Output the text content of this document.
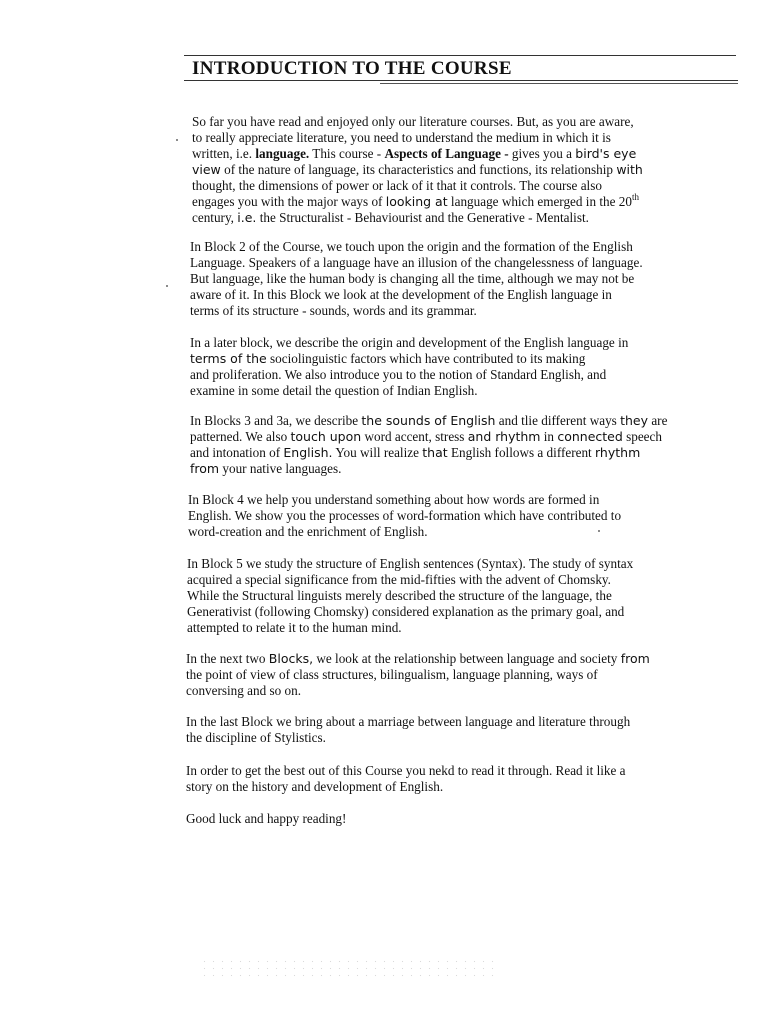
INTRODUCTION TO THE COURSE
So far you have read and enjoyed only our literature courses. But, as you are aware,
to really appreciate literature, you need to understand the medium in which it is
written, i.e. language. This course - Aspects of Language - gives you a bird's eye
view of the nature of language, its characteristics and functions, its relationship with
thought, the dimensions of power or lack of it that it controls. The course also
engages you with the major ways of looking at language which emerged in the 20th
century, i.e. the Structuralist - Behaviourist and the Generative - Mentalist.
In Block 2 of the Course, we touch upon the origin and the formation of the English
Language. Speakers of a language have an illusion of the changelessness of language.
But language, like the human body is changing all the time, although we may not be
aware of it. In this Block we look at the development of the English language in
terms of its structure - sounds, words and its grammar.
In a later block, we describe the origin and development of the English language in
terms of the sociolinguistic factors which have contributed to its making
and proliferation. We also introduce you to the notion of Standard English, and
examine in some detail the question of Indian English.
In Blocks 3 and 3a, we describe the sounds of English and tlie different ways they are
patterned. We also touch upon word accent, stress and rhythm in connected speech
and intonation of English. You will realize that English follows a different rhythm
from your native languages.
In Block 4 we help you understand something about how words are formed in
English. We show you the processes of word-formation which have contributed to
word-creation and the enrichment of English.
In Block 5 we study the structure of English sentences (Syntax). The study of syntax
acquired a special significance from the mid-fifties with the advent of Chomsky.
While the Structural linguists merely described the structure of the language, the
Generativist (following Chomsky) considered explanation as the primary goal, and
attempted to relate it to the human mind.
In the next two Blocks, we look at the relationship between language and society from
the point of view of class structures, bilingualism, language planning, ways of
conversing and so on.
In the last Block we bring about a marriage between language and literature through
the discipline of Stylistics.
In order to get the best out of this Course you nekd to read it through. Read it like a
story on the history and development of English.
Good luck and happy reading!
